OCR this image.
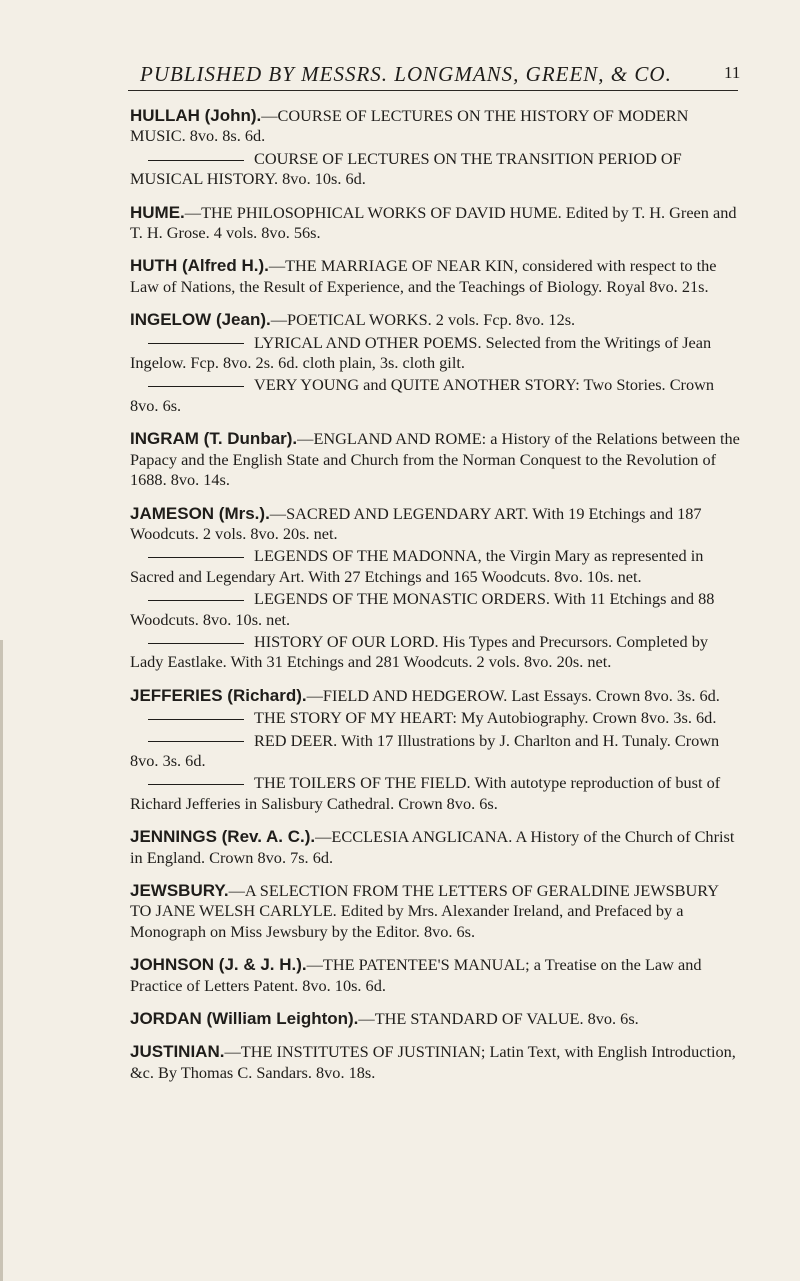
PUBLISHED BY MESSRS. LONGMANS, GREEN, & CO.	11
HULLAH (John).—COURSE OF LECTURES ON THE HISTORY OF MODERN MUSIC. 8vo. 8s. 6d.
COURSE OF LECTURES ON THE TRANSITION PERIOD OF MUSICAL HISTORY. 8vo. 10s. 6d.
HUME.—THE PHILOSOPHICAL WORKS OF DAVID HUME. Edited by T. H. Green and T. H. Grose. 4 vols. 8vo. 56s.
HUTH (Alfred H.).—THE MARRIAGE OF NEAR KIN, considered with respect to the Law of Nations, the Result of Experience, and the Teachings of Biology. Royal 8vo. 21s.
INGELOW (Jean).—POETICAL WORKS. 2 vols. Fcp. 8vo. 12s.
LYRICAL AND OTHER POEMS. Selected from the Writings of Jean Ingelow. Fcp. 8vo. 2s. 6d. cloth plain, 3s. cloth gilt.
VERY YOUNG and QUITE ANOTHER STORY: Two Stories. Crown 8vo. 6s.
INGRAM (T. Dunbar).—ENGLAND AND ROME: a History of the Relations between the Papacy and the English State and Church from the Norman Conquest to the Revolution of 1688. 8vo. 14s.
JAMESON (Mrs.).—SACRED AND LEGENDARY ART. With 19 Etchings and 187 Woodcuts. 2 vols. 8vo. 20s. net.
LEGENDS OF THE MADONNA, the Virgin Mary as represented in Sacred and Legendary Art. With 27 Etchings and 165 Woodcuts. 8vo. 10s. net.
LEGENDS OF THE MONASTIC ORDERS. With 11 Etchings and 88 Woodcuts. 8vo. 10s. net.
HISTORY OF OUR LORD. His Types and Precursors. Completed by Lady Eastlake. With 31 Etchings and 281 Woodcuts. 2 vols. 8vo. 20s. net.
JEFFERIES (Richard).—FIELD AND HEDGEROW. Last Essays. Crown 8vo. 3s. 6d.
THE STORY OF MY HEART: My Autobiography. Crown 8vo. 3s. 6d.
RED DEER. With 17 Illustrations by J. Charlton and H. Tunaly. Crown 8vo. 3s. 6d.
THE TOILERS OF THE FIELD. With autotype reproduction of bust of Richard Jefferies in Salisbury Cathedral. Crown 8vo. 6s.
JENNINGS (Rev. A. C.).—ECCLESIA ANGLICANA. A History of the Church of Christ in England. Crown 8vo. 7s. 6d.
JEWSBURY.—A SELECTION FROM THE LETTERS OF GERALDINE JEWSBURY TO JANE WELSH CARLYLE. Edited by Mrs. Alexander Ireland, and Prefaced by a Monograph on Miss Jewsbury by the Editor. 8vo. 6s.
JOHNSON (J. & J. H.).—THE PATENTEE'S MANUAL; a Treatise on the Law and Practice of Letters Patent. 8vo. 10s. 6d.
JORDAN (William Leighton).—THE STANDARD OF VALUE. 8vo. 6s.
JUSTINIAN.—THE INSTITUTES OF JUSTINIAN; Latin Text, with English Introduction, &c. By Thomas C. Sandars. 8vo. 18s.
